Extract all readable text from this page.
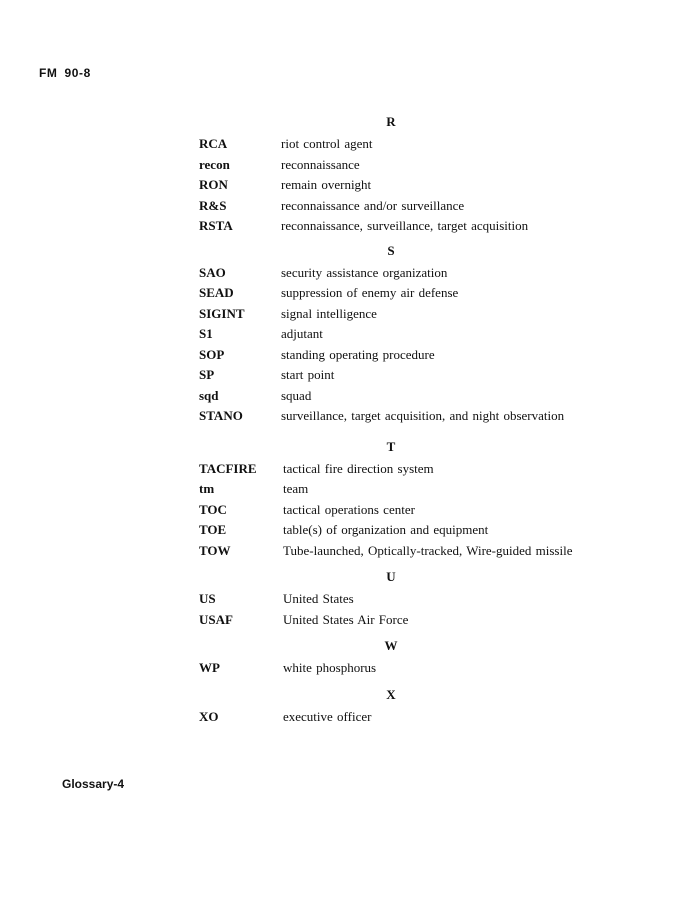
FM 90-8
R
RCA	riot control agent
recon	reconnaissance
RON	remain overnight
R&S	reconnaissance and/or surveillance
RSTA	reconnaissance, surveillance, target acquisition
S
SAO	security assistance organization
SEAD	suppression of enemy air defense
SIGINT	signal intelligence
S1	adjutant
SOP	standing operating procedure
SP	start point
sqd	squad
STANO	surveillance, target acquisition, and night observation
T
TACFIRE	tactical fire direction system
tm	team
TOC	tactical operations center
TOE	table(s) of organization and equipment
TOW	Tube-launched, Optically-tracked, Wire-guided missile
U
US	United States
USAF	United States Air Force
W
WP	white phosphorus
X
XO	executive officer
Glossary-4
